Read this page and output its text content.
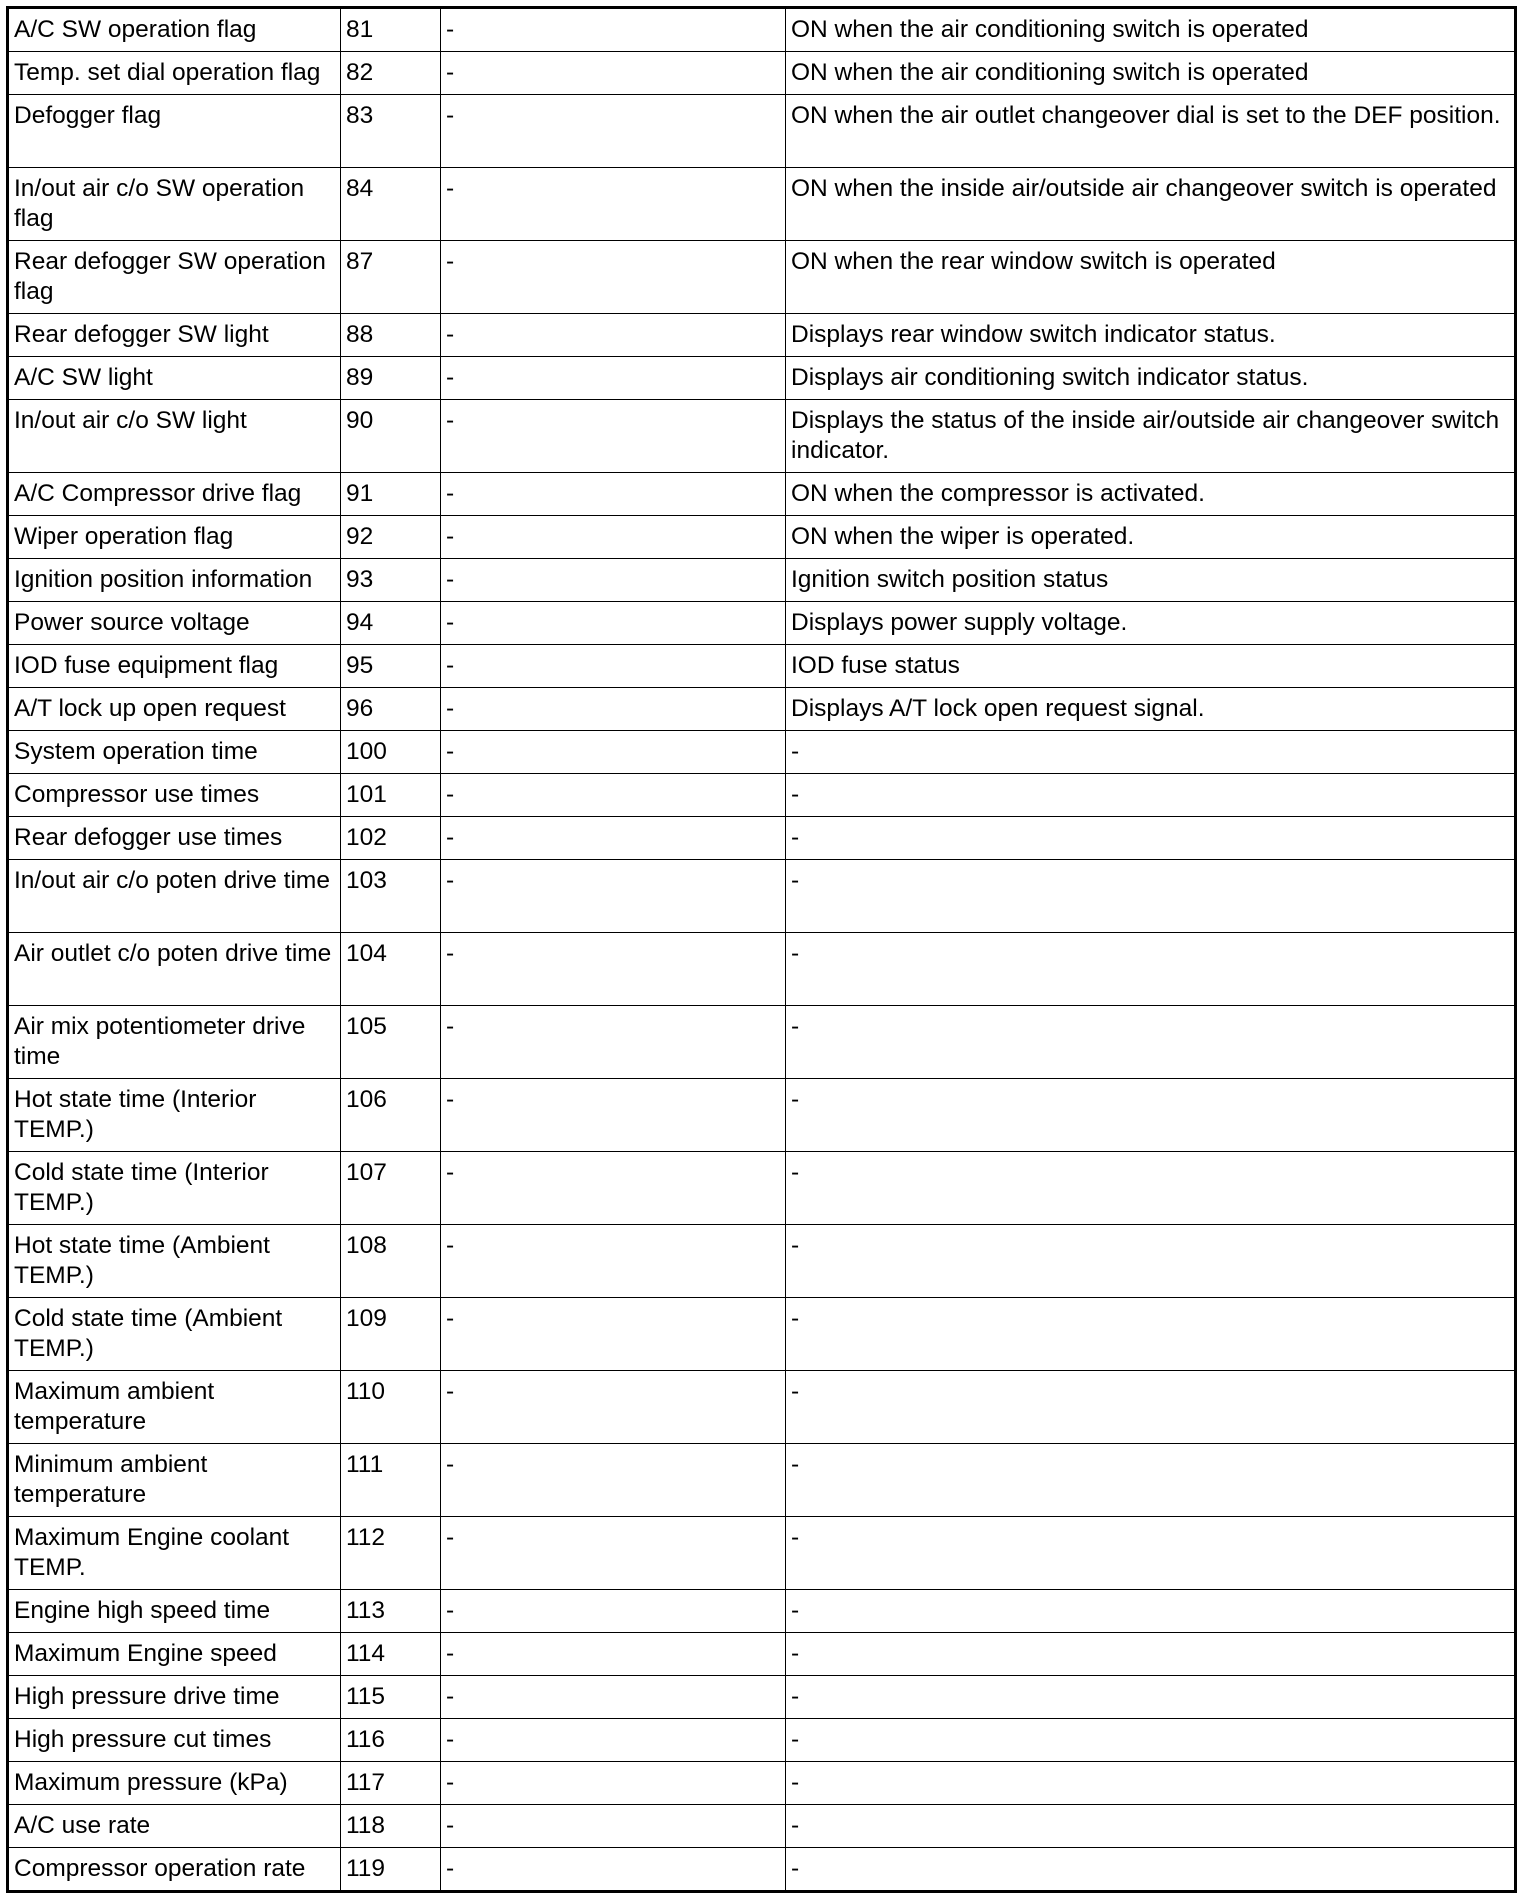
A/C SW operation flag	81	-	ON when the air conditioning switch is operated
Temp. set dial operation flag	82	-	ON when the air conditioning switch is operated
Defogger flag	83	-	ON when the air outlet changeover dial is set to the DEF position.
In/out air c/o SW operation flag	84	-	ON when the inside air/outside air changeover switch is operated
Rear defogger SW operation flag	87	-	ON when the rear window switch is operated
Rear defogger SW light	88	-	Displays rear window switch indicator status.
A/C SW light	89	-	Displays air conditioning switch indicator status.
In/out air c/o SW light	90	-	Displays the status of the inside air/outside air changeover switch indicator.
A/C Compressor drive flag	91	-	ON when the compressor is activated.
Wiper operation flag	92	-	ON when the wiper is operated.
Ignition position information	93	-	Ignition switch position status
Power source voltage	94	-	Displays power supply voltage.
IOD fuse equipment flag	95	-	IOD fuse status
A/T lock up open request	96	-	Displays A/T lock open request signal.
System operation time	100	-	-
Compressor use times	101	-	-
Rear defogger use times	102	-	-
In/out air c/o poten drive time	103	-	-
Air outlet c/o poten drive time	104	-	-
Air mix potentiometer drive time	105	-	-
Hot state time (Interior TEMP.)	106	-	-
Cold state time (Interior TEMP.)	107	-	-
Hot state time (Ambient TEMP.)	108	-	-
Cold state time (Ambient TEMP.)	109	-	-
Maximum ambient temperature	110	-	-
Minimum ambient temperature	111	-	-
Maximum Engine coolant TEMP.	112	-	-
Engine high speed time	113	-	-
Maximum Engine speed	114	-	-
High pressure drive time	115	-	-
High pressure cut times	116	-	-
Maximum pressure (kPa)	117	-	-
A/C use rate	118	-	-
Compressor operation rate	119	-	-
